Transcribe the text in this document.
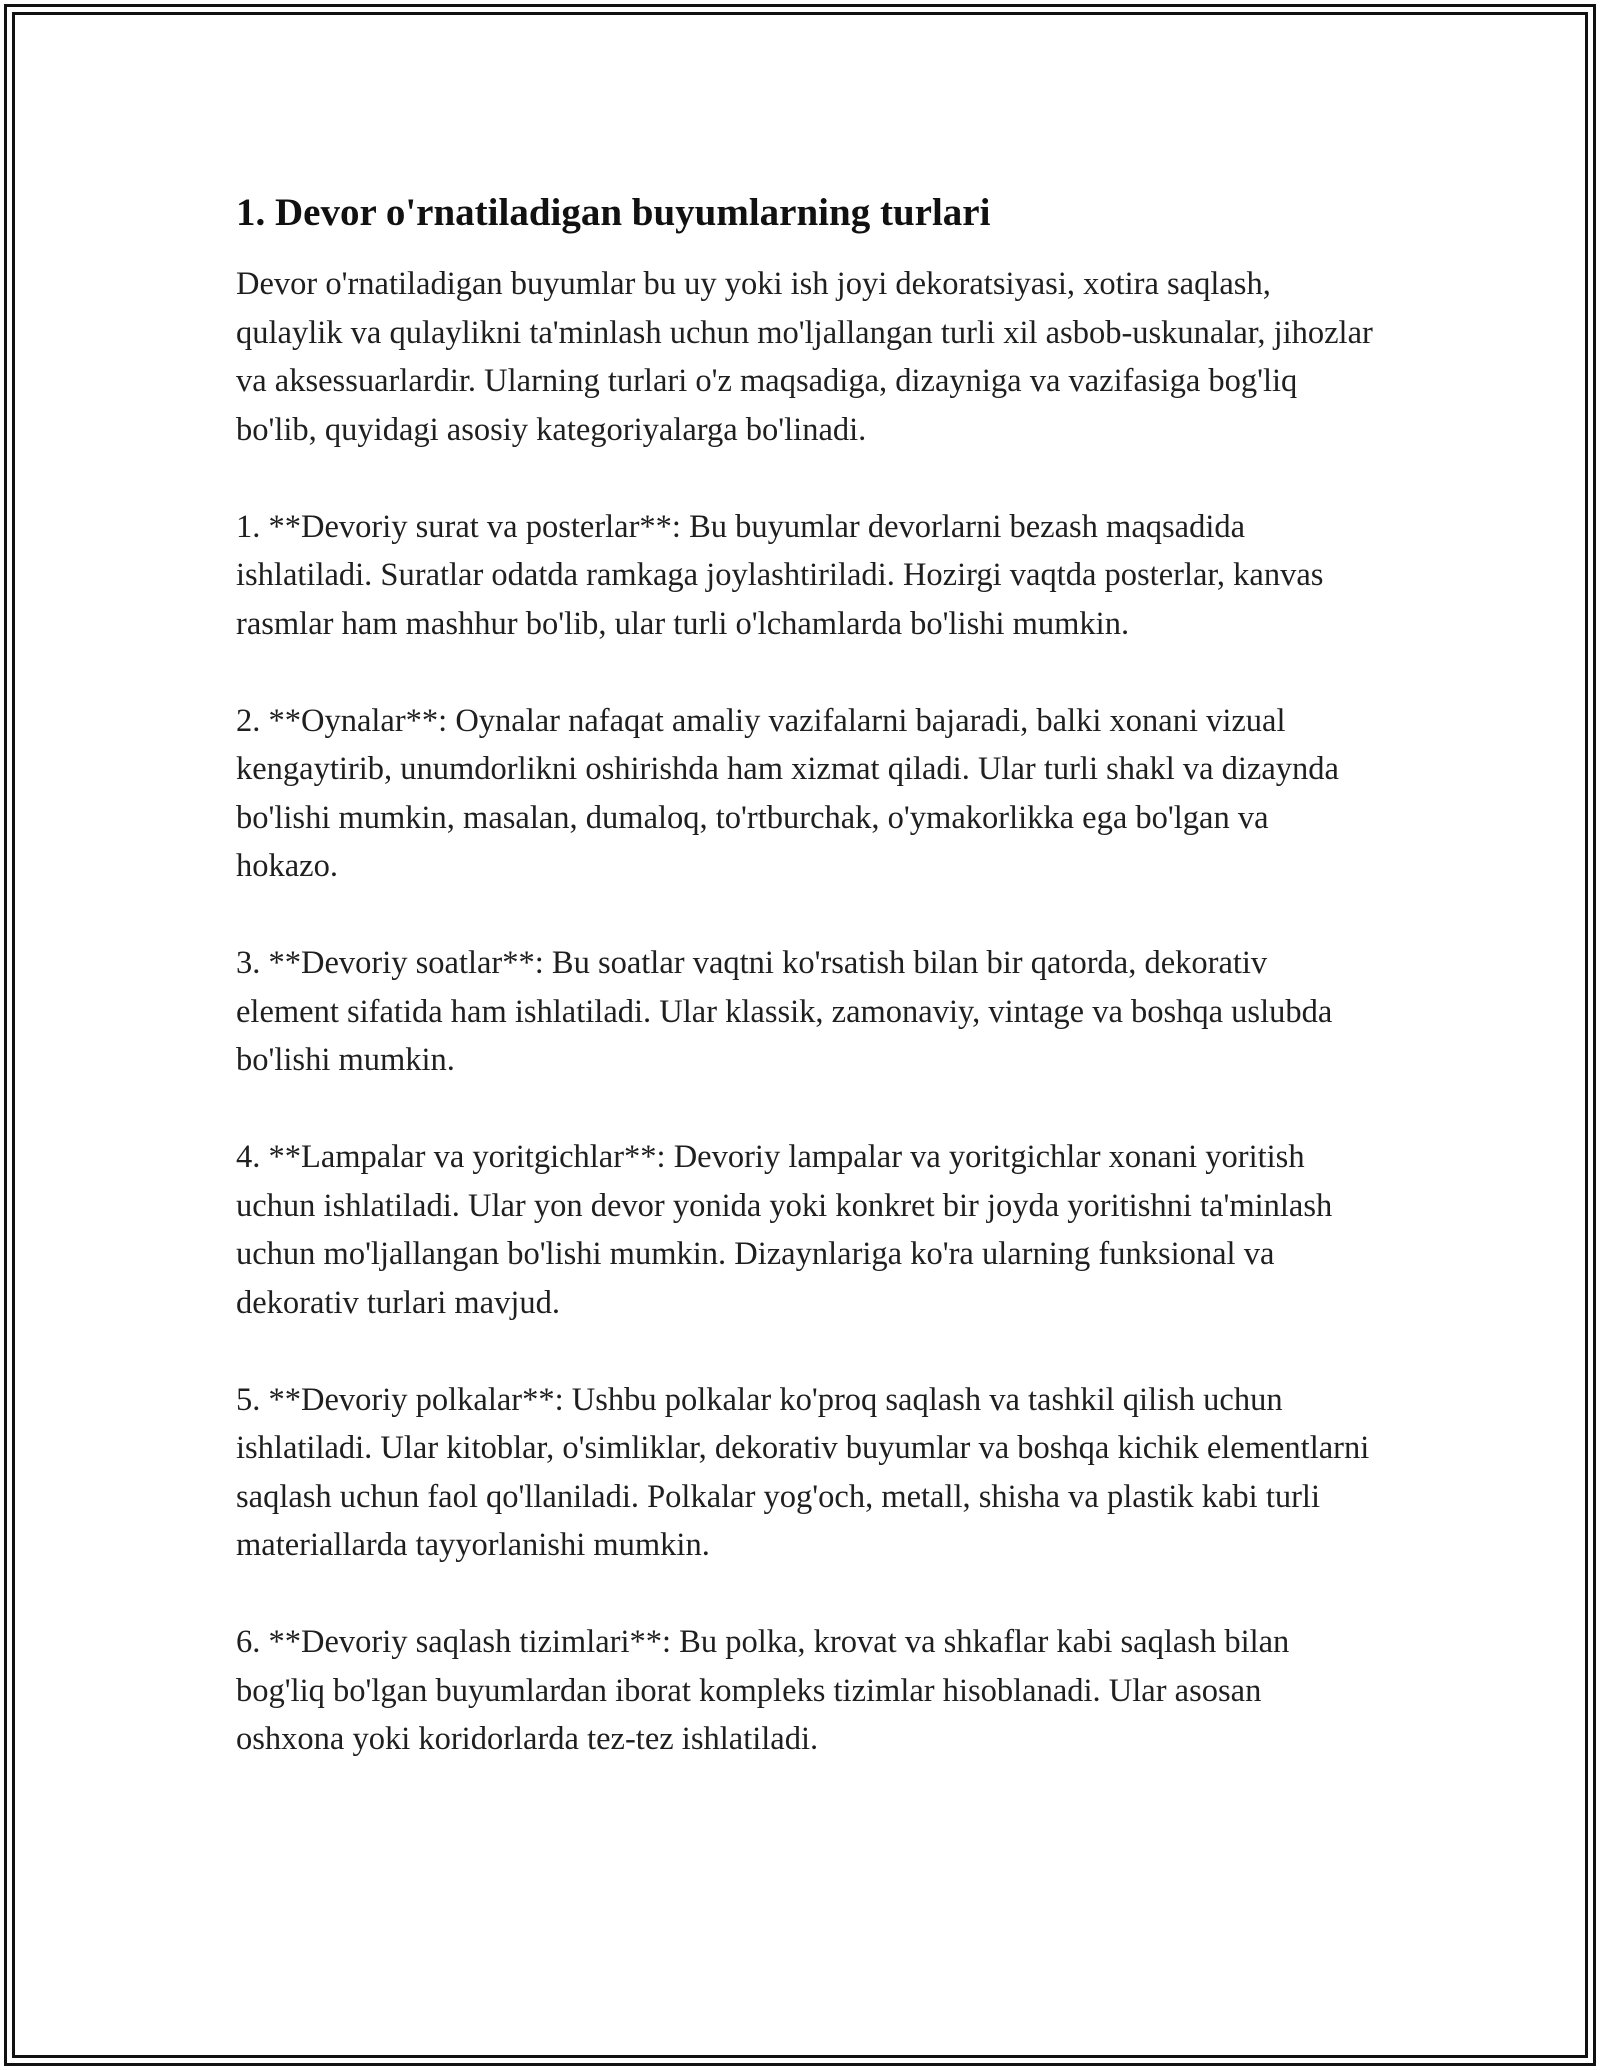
1. Devor o'rnatiladigan buyumlarning turlari

Devor o'rnatiladigan buyumlar bu uy yoki ish joyi dekoratsiyasi, xotira saqlash, qulaylik va qulaylikni ta'minlash uchun mo'ljallangan turli xil asbob-uskunalar, jihozlar va aksessuarlardir. Ularning turlari o'z maqsadiga, dizayniga va vazifasiga bog'liq bo'lib, quyidagi asosiy kategoriyalarga bo'linadi.

1. **Devoriy surat va posterlar**: Bu buyumlar devorlarni bezash maqsadida ishlatiladi. Suratlar odatda ramkaga joylashtiriladi. Hozirgi vaqtda posterlar, kanvas rasmlar ham mashhur bo'lib, ular turli o'lchamlarda bo'lishi mumkin.

2. **Oynalar**: Oynalar nafaqat amaliy vazifalarni bajaradi, balki xonani vizual kengaytirib, unumdorlikni oshirishda ham xizmat qiladi. Ular turli shakl va dizaynda bo'lishi mumkin, masalan, dumaloq, to'rtburchak, o'ymakorlikka ega bo'lgan va hokazo.

3. **Devoriy soatlar**: Bu soatlar vaqtni ko'rsatish bilan bir qatorda, dekorativ element sifatida ham ishlatiladi. Ular klassik, zamonaviy, vintage va boshqa uslubda bo'lishi mumkin.

4. **Lampalar va yoritgichlar**: Devoriy lampalar va yoritgichlar xonani yoritish uchun ishlatiladi. Ular yon devor yonida yoki konkret bir joyda yoritishni ta'minlash uchun mo'ljallangan bo'lishi mumkin. Dizaynlariga ko'ra ularning funksional va dekorativ turlari mavjud.

5. **Devoriy polkalar**: Ushbu polkalar ko'proq saqlash va tashkil qilish uchun ishlatiladi. Ular kitoblar, o'simliklar, dekorativ buyumlar va boshqa kichik elementlarni saqlash uchun faol qo'llaniladi. Polkalar yog'och, metall, shisha va plastik kabi turli materiallarda tayyorlanishi mumkin.

6. **Devoriy saqlash tizimlari**: Bu polka, krovat va shkaflar kabi saqlash bilan bog'liq bo'lgan buyumlardan iborat kompleks tizimlar hisoblanadi. Ular asosan oshxona yoki koridorlarda tez-tez ishlatiladi.
